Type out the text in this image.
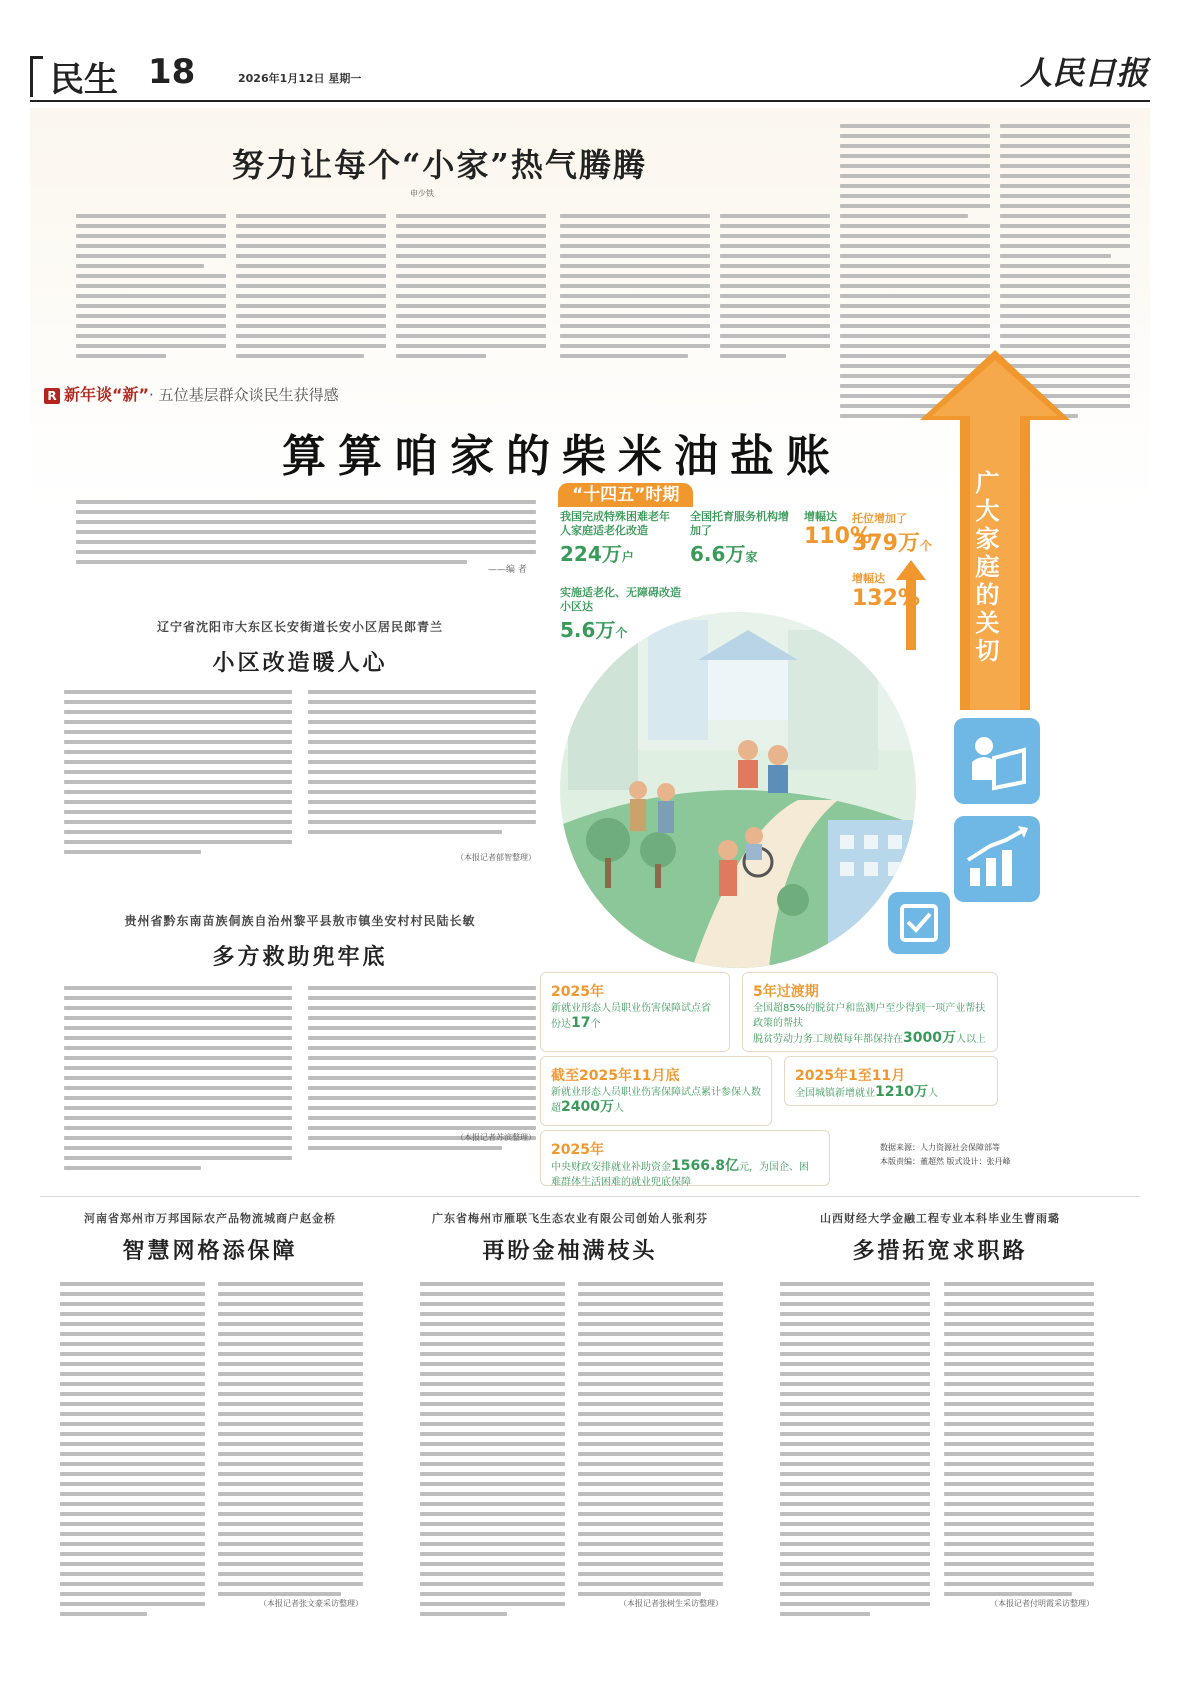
民生 18	2026年1月12日 星期一	人民日报
努力让每个“小家”热气腾腾
申少铁
R 新年谈“新”· 五位基层群众谈民生获得感
算算咱家的柴米油盐账
——编 者
辽宁省沈阳市大东区长安街道长安小区居民郎青兰
小区改造暖人心
（本报记者郁智整理）
贵州省黔东南苗族侗族自治州黎平县敖市镇坐安村村民陆长敏
多方救助兜牢底
（本报记者苏滨整理）
“十四五”时期	“一老一小” 广大家庭的关切
我国完成特殊困难老年人家庭适老化改造
224万户
实施适老化、无障碍改造小区达
5.6万个
全国托育服务机构增加了
6.6万家
增幅达
110%
托位增加了
379万个
增幅达
132%
2025年
新就业形态人员职业伤害保障试点省份达17个
5年过渡期
全国超85%的脱贫户和监测户至少得到一项产业帮扶政策的帮扶
脱贫劳动力务工规模每年都保持在3000万人以上
截至2025年11月底
新就业形态人员职业伤害保障试点累计参保人数超2400万人
2025年1至11月
全国城镇新增就业1210万人
2025年
中央财政安排就业补助资金1566.8亿元，为国企、困难群体生活困难的就业兜底保障
数据来源：人力资源社会保障部等
本版责编：董超然 版式设计：张丹峰
河南省郑州市万邦国际农产品物流城商户赵金桥
智慧网格添保障
（本报记者张文豪采访整理）
广东省梅州市雁联飞生态农业有限公司创始人张利芬
再盼金柚满枝头
（本报记者张树生采访整理）
山西财经大学金融工程专业本科毕业生曹雨璐
多措拓宽求职路
（本报记者付明霞采访整理）
